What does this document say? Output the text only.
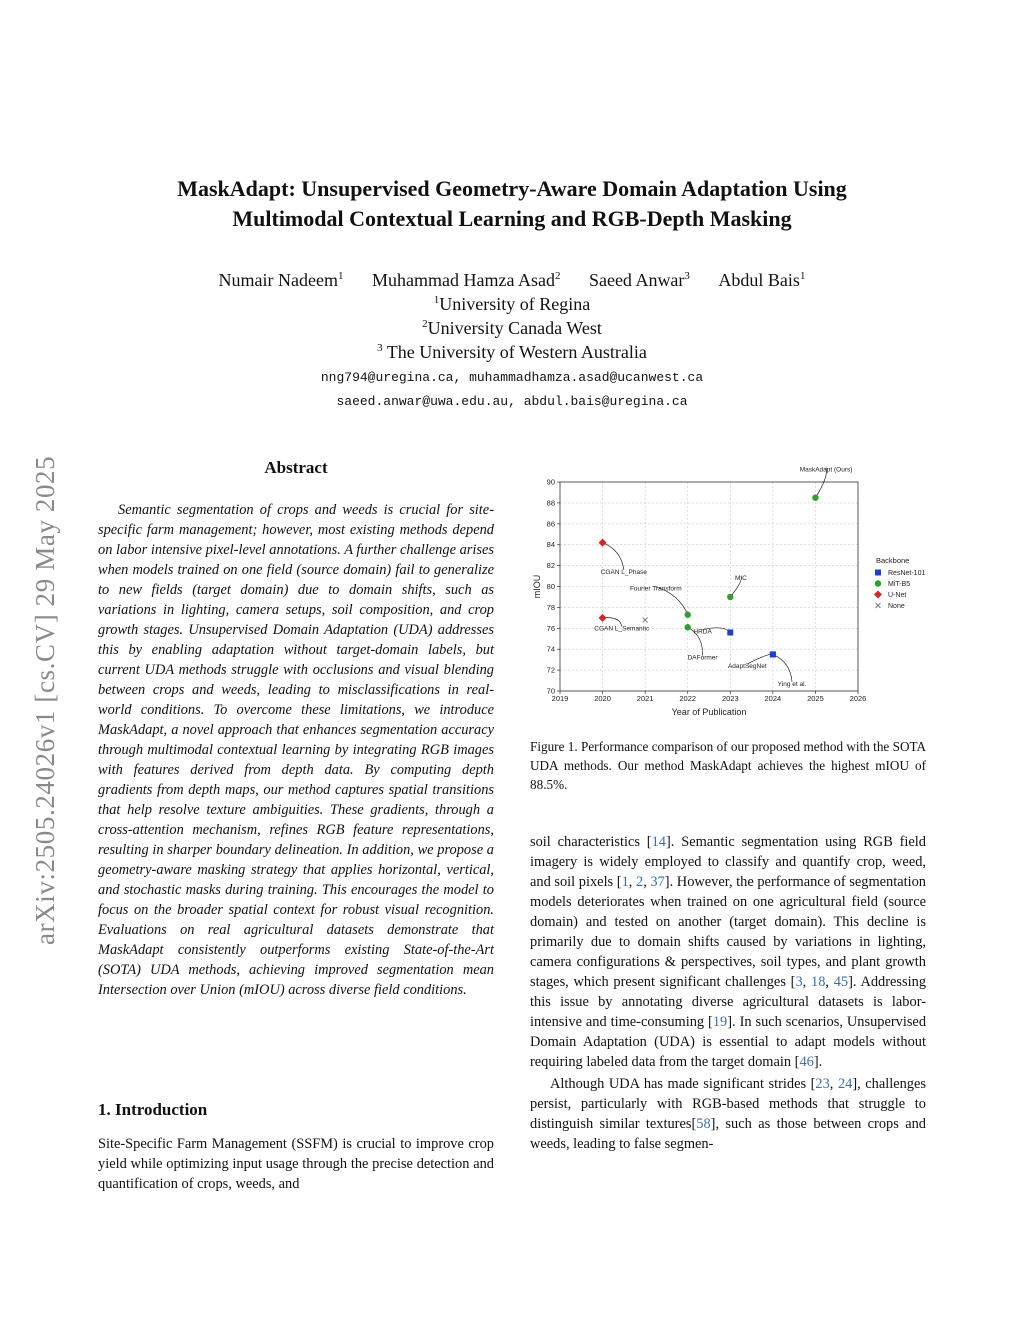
arXiv:2505.24026v1 [cs.CV] 29 May 2025
MaskAdapt: Unsupervised Geometry-Aware Domain Adaptation Using
Multimodal Contextual Learning and RGB-Depth Masking
Numair Nadeem$^1$ Muhammad Hamza Asad$^2$ Saeed Anwar$^3$ Abdul Bais$^1$
$^1$University of Regina
$^2$University Canada West
$^3$ The University of Western Australia
nng794@uregina.ca, muhammadhamza.asad@ucanwest.ca
saeed.anwar@uwa.edu.au, abdul.bais@uregina.ca
Abstract

Semantic segmentation of crops and weeds is crucial for site-specific farm management; however, most existing methods depend on labor intensive pixel-level annotations. A further challenge arises when models trained on one field (source domain) fail to generalize to new fields (target domain) due to domain shifts, such as variations in lighting, camera setups, soil composition, and crop growth stages. Unsupervised Domain Adaptation (UDA) addresses this by enabling adaptation without target-domain labels, but current UDA methods struggle with occlusions and visual blending between crops and weeds, leading to misclassifications in real-world conditions. To overcome these limitations, we introduce MaskAdapt, a novel approach that enhances segmentation accuracy through multimodal contextual learning by integrating RGB images with features derived from depth data. By computing depth gradients from depth maps, our method captures spatial transitions that help resolve texture ambiguities. These gradients, through a cross-attention mechanism, refines RGB feature representations, resulting in sharper boundary delineation. In addition, we propose a geometry-aware masking strategy that applies horizontal, vertical, and stochastic masks during training. This encourages the model to focus on the broader spatial context for robust visual recognition. Evaluations on real agricultural datasets demonstrate that MaskAdapt consistently outperforms existing State-of-the-Art (SOTA) UDA methods, achieving improved segmentation mean Intersection over Union (mIOU) across diverse field conditions.

1. Introduction

Site-Specific Farm Management (SSFM) is crucial to improve crop yield while optimizing input usage through the precise detection and quantification of crops, weeds, and

2019	2020	2021	2022	2023	2024	2025	2026
70
72
74
76
78
80
82
84
86
88
90
CGAN L_Phase
CGAN L_Semantic
Fourier Transform
DAFormer
HRDA
MIC
AdaptSegNet
Ying et al.
MaskAdapt (Ours)
Year of Publication
mIOU
Backbone
ResNet-101
MiT-B5
U-Net
None

Figure 1. Performance comparison of our proposed method with the SOTA UDA methods. Our method MaskAdapt achieves the highest mIOU of 88.5%.

soil characteristics [14]. Semantic segmentation using RGB field imagery is widely employed to classify and quantify crop, weed, and soil pixels [1, 2, 37]. However, the performance of segmentation models deteriorates when trained on one agricultural field (source domain) and tested on another (target domain). This decline is primarily due to domain shifts caused by variations in lighting, camera configurations & perspectives, soil types, and plant growth stages, which present significant challenges [3, 18, 45]. Addressing this issue by annotating diverse agricultural datasets is labor-intensive and time-consuming [19]. In such scenarios, Unsupervised Domain Adaptation (UDA) is essential to adapt models without requiring labeled data from the target domain [46].

Although UDA has made significant strides [23, 24], challenges persist, particularly with RGB-based methods that struggle to distinguish similar textures[58], such as those between crops and weeds, leading to false segmen-
